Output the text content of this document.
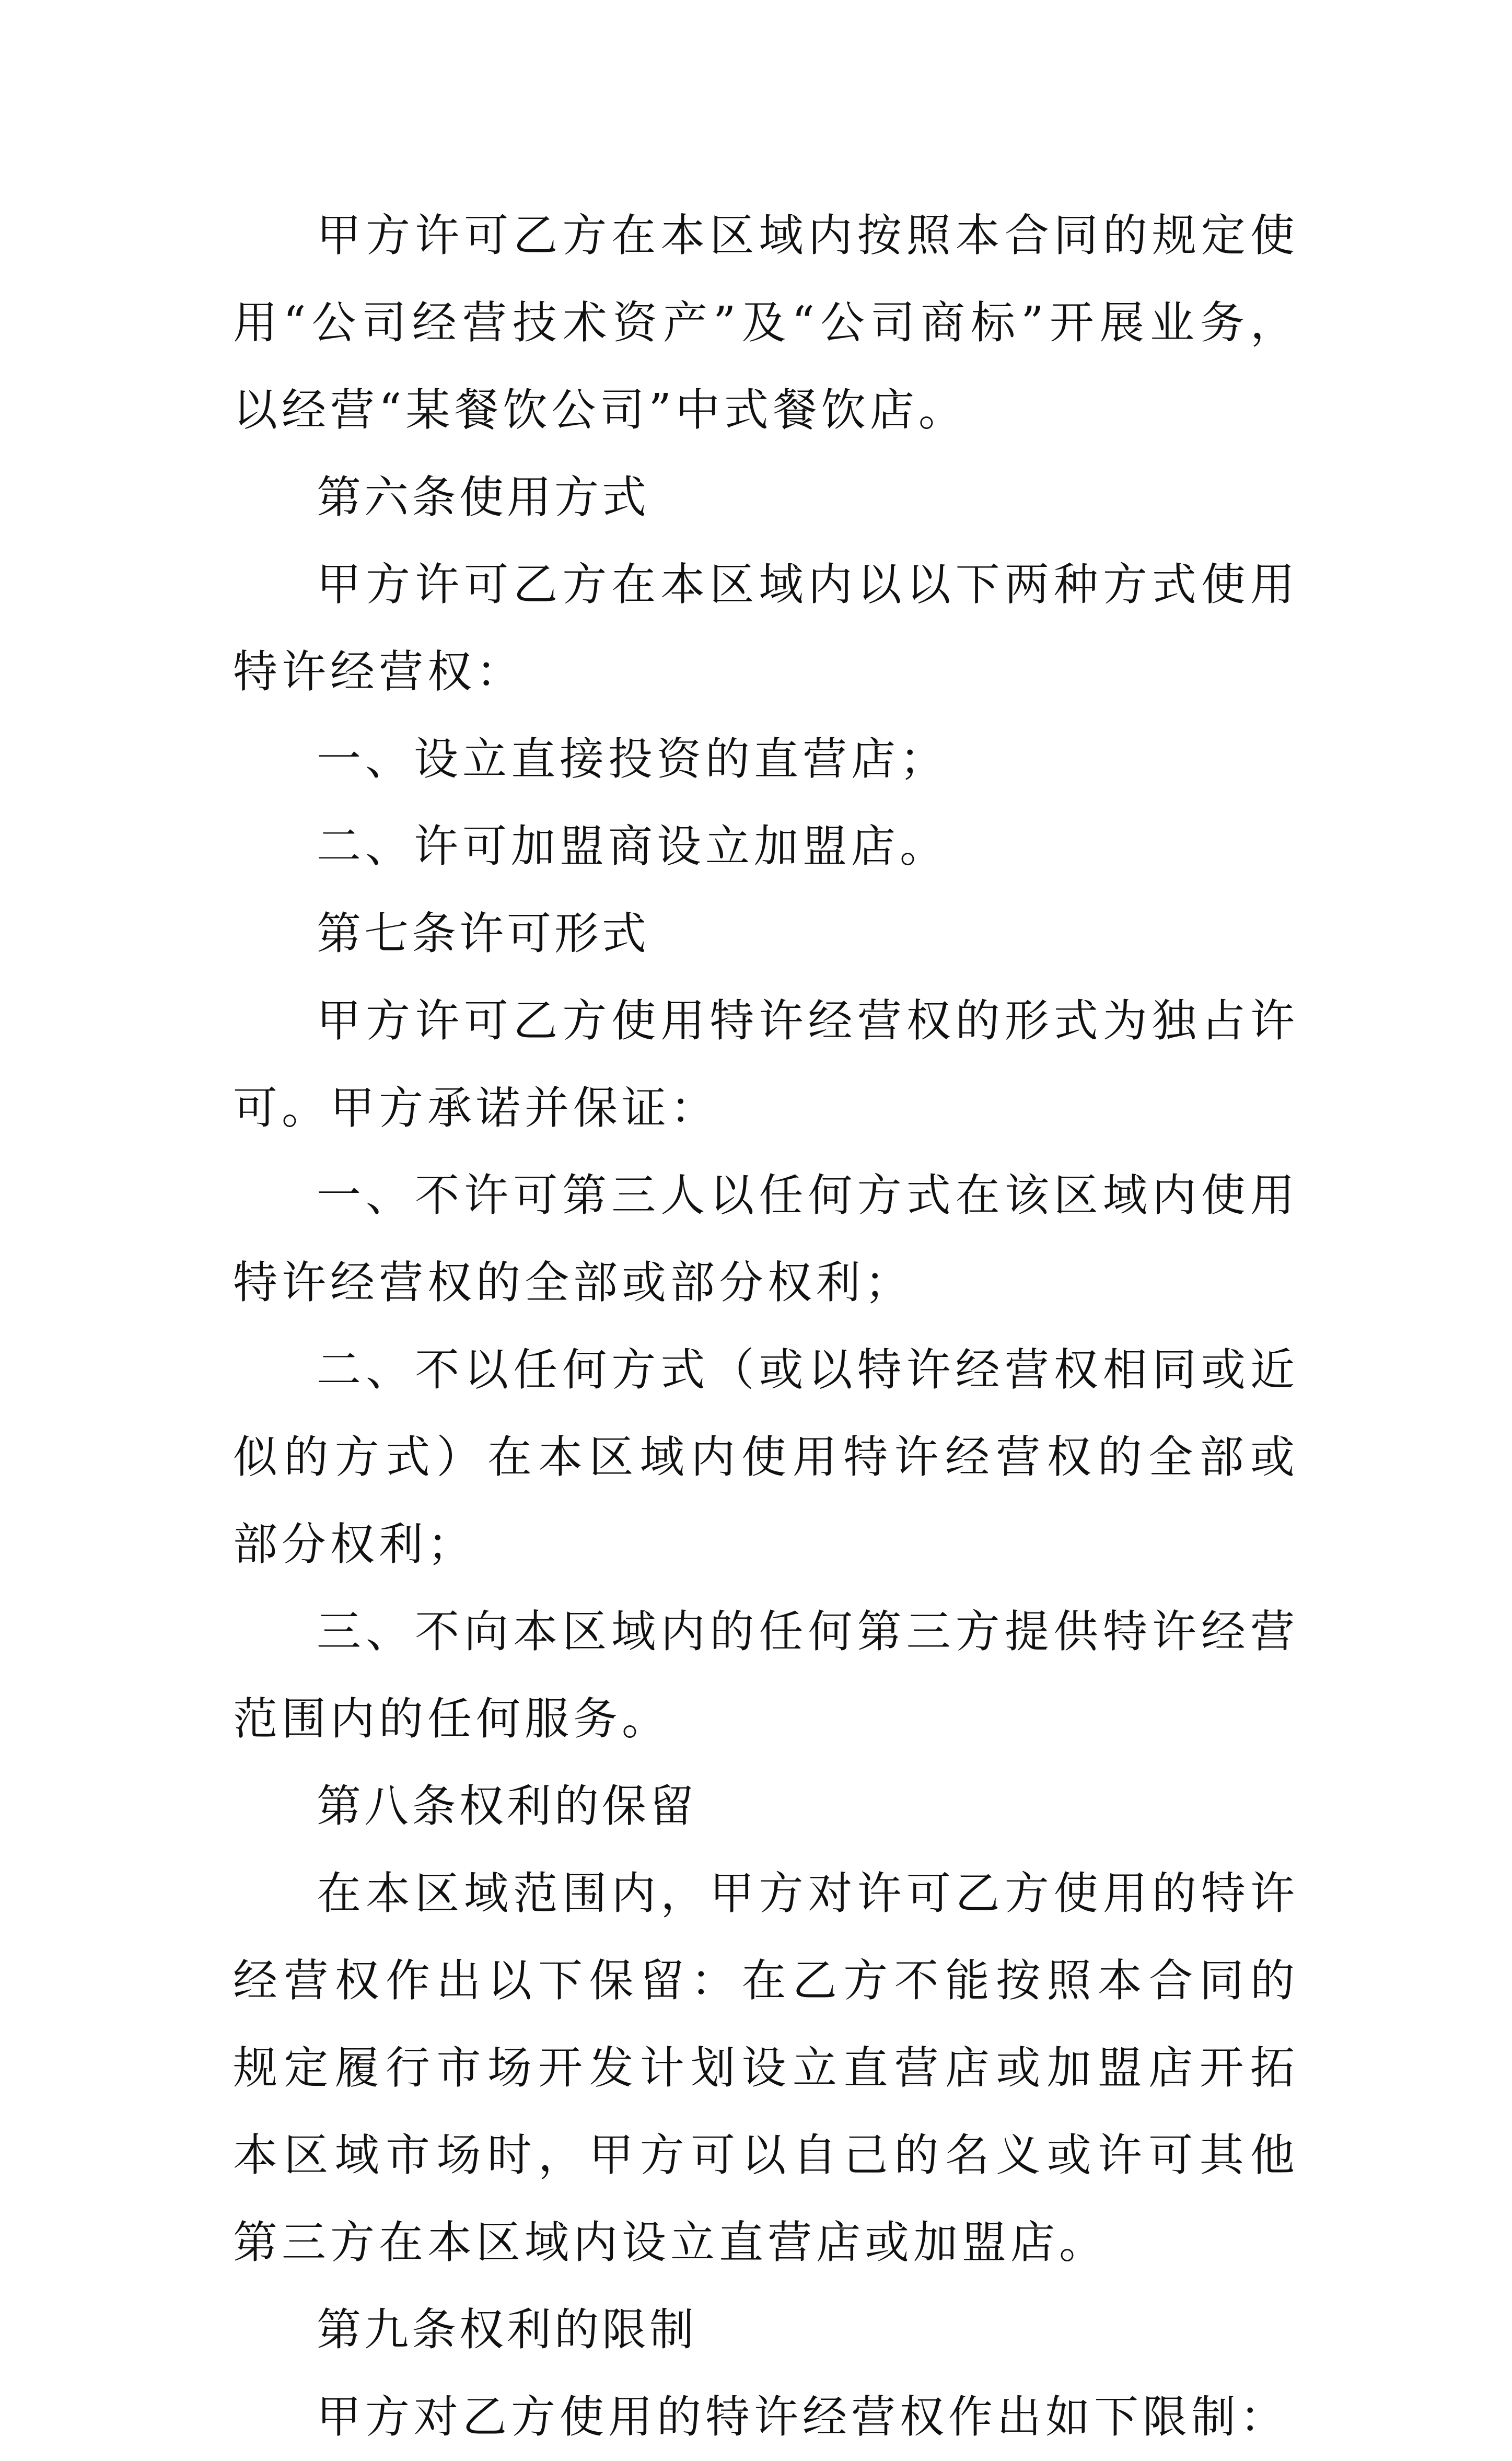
甲方许可乙方在本区域内按照本合同的规定使用“公司经营技术资产”及“公司商标”开展业务，以经营“某餐饮公司”中式餐饮店。

第六条使用方式

甲方许可乙方在本区域内以以下两种方式使用特许经营权：

一、设立直接投资的直营店；

二、许可加盟商设立加盟店。

第七条许可形式

甲方许可乙方使用特许经营权的形式为独占许可。甲方承诺并保证：

一、不许可第三人以任何方式在该区域内使用特许经营权的全部或部分权利；

二、不以任何方式（或以特许经营权相同或近似的方式）在本区域内使用特许经营权的全部或部分权利；

三、不向本区域内的任何第三方提供特许经营范围内的任何服务。

第八条权利的保留

在本区域范围内，甲方对许可乙方使用的特许经营权作出以下保留：在乙方不能按照本合同的规定履行市场开发计划设立直营店或加盟店开拓本区域市场时，甲方可以自己的名义或许可其他第三方在本区域内设立直营店或加盟店。

第九条权利的限制

甲方对乙方使用的特许经营权作出如下限制：
